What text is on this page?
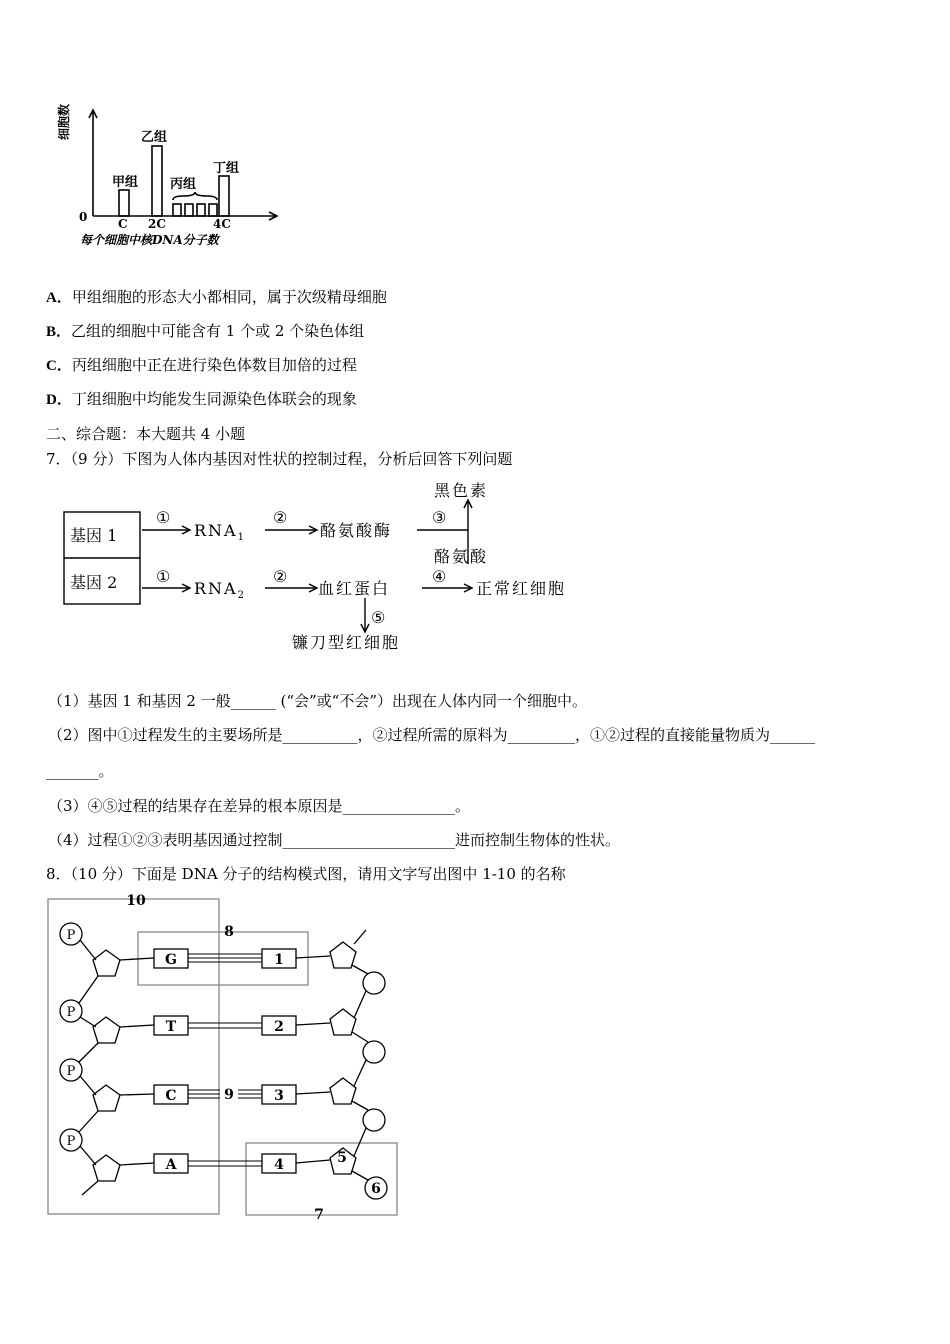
细胞数
甲组
乙组
丙组
丁组
0	C 2C	4C
每个细胞中核DNA分子数
A．甲组细胞的形态大小都相同，属于次级精母细胞
B．乙组的细胞中可能含有 1 个或 2 个染色体组
C．丙组细胞中正在进行染色体数目加倍的过程
D．丁组细胞中均能发生同源染色体联会的现象
二、综合题：本大题共 4 小题
7．（9 分）下图为人体内基因对性状的控制过程，分析后回答下列问题
基因 1
基因 2
①	②	③
①	②	④
⑤
$RNA_1$
$RNA_2$
酪氨酸酶
黑色素
酪氨酸
血红蛋白	正常红细胞
镰刀型红细胞
（1）基因 1 和基因 2 一般______ (“会”或“不会”）出现在人体内同一个细胞中。
（2）图中①过程发生的主要场所是__________，②过程所需的原料为_________，①②过程的直接能量物质为______
_______。
（3）④⑤过程的结果存在差异的根本原因是_______________。
（4）过程①②③表明基因通过控制_______________________进而控制生物体的性状。
8．（10 分）下面是 DNA 分子的结构模式图，请用文字写出图中 1-10 的名称
P
P
P
P
G
T
C
A
1
2
3
4	5
6
7
8
9
10
